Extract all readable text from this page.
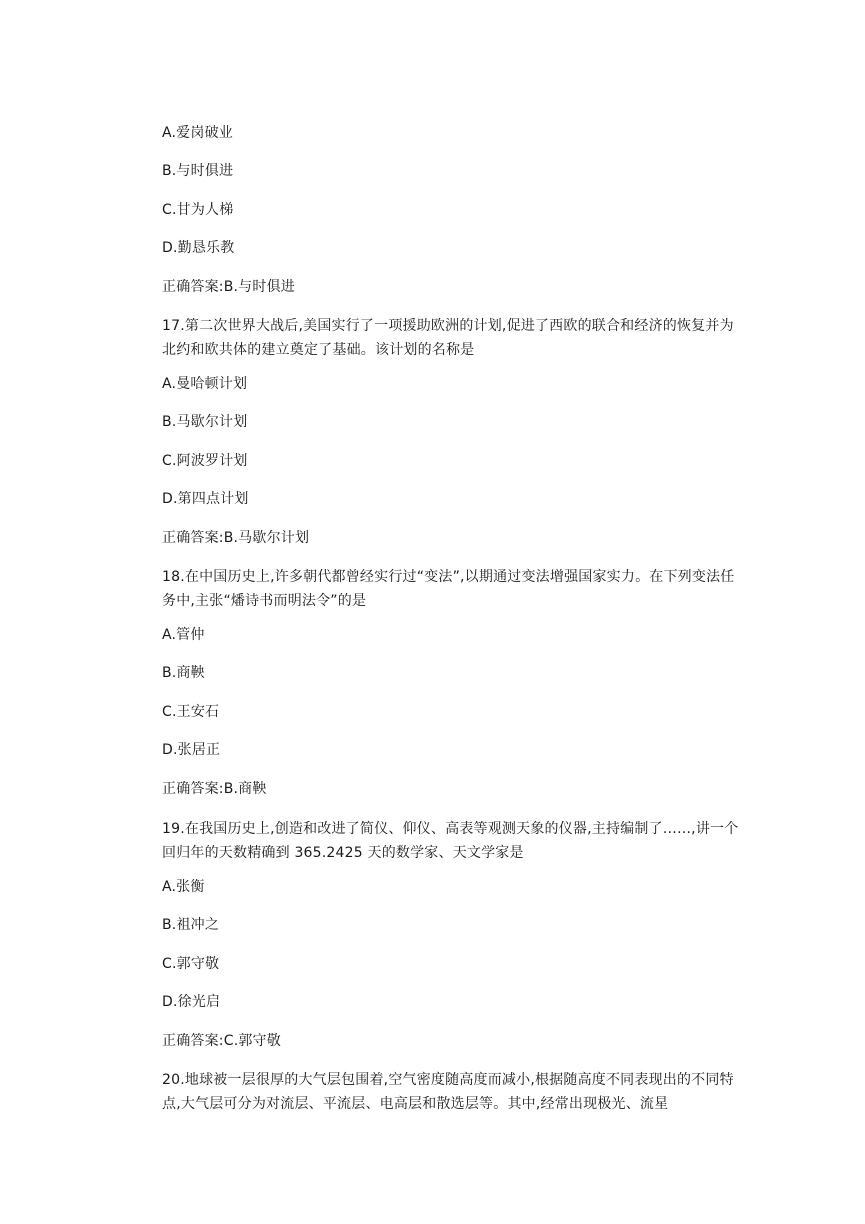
A.爱岗破业
B.与时俱进
C.甘为人梯
D.勤恳乐教
正确答案:B.与时俱进
17.第二次世界大战后,美国实行了一项援助欧洲的计划,促进了西欧的联合和经济的恢复并为北约和欧共体的建立奠定了基础。该计划的名称是
A.曼哈顿计划
B.马歇尔计划
C.阿波罗计划
D.第四点计划
正确答案:B.马歇尔计划
18.在中国历史上,许多朝代都曾经实行过“变法”,以期通过变法增强国家实力。在下列变法任务中,主张“燔诗书而明法令”的是
A.管仲
B.商鞅
C.王安石
D.张居正
正确答案:B.商鞅
19.在我国历史上,创造和改进了简仪、仰仪、高表等观测天象的仪器,主持编制了……,讲一个回归年的天数精确到 365.2425 天的数学家、天文学家是
A.张衡
B.祖冲之
C.郭守敬
D.徐光启
正确答案:C.郭守敬
20.地球被一层很厚的大气层包围着,空气密度随高度而减小,根据随高度不同表现出的不同特点,大气层可分为对流层、平流层、电高层和散选层等。其中,经常出现极光、流星
